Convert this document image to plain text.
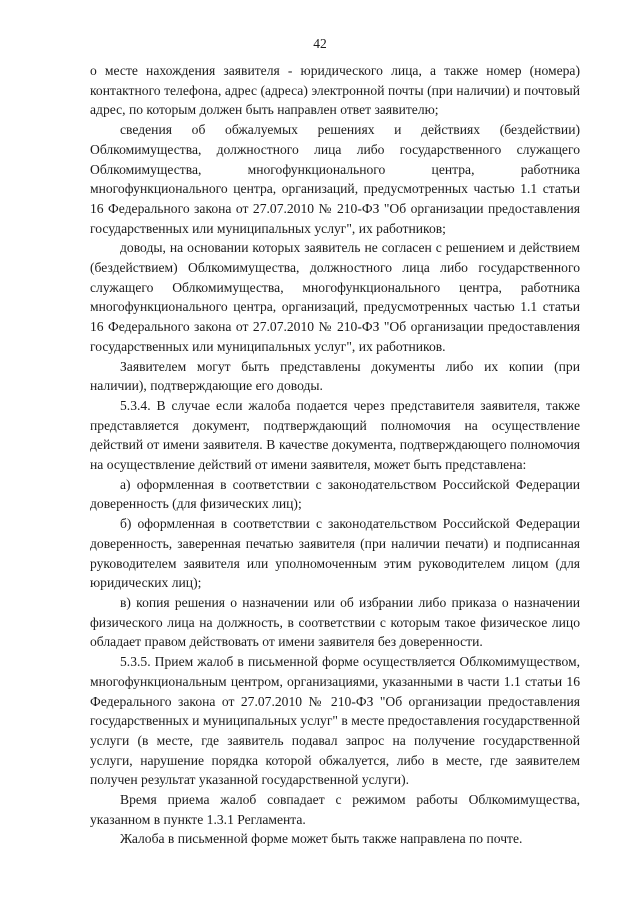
42

о месте нахождения заявителя - юридического лица, а также номер (номера) контактного телефона, адрес (адреса) электронной почты (при наличии) и почтовый адрес, по которым должен быть направлен ответ заявителю;

сведения об обжалуемых решениях и действиях (бездействии) Облкомимущества, должностного лица либо государственного служащего Облкомимущества, многофункционального центра, работника многофункционального центра, организаций, предусмотренных частью 1.1 статьи 16 Федерального закона от 27.07.2010 № 210-ФЗ "Об организации предоставления государственных или муниципальных услуг", их работников;

доводы, на основании которых заявитель не согласен с решением и действием (бездействием) Облкомимущества, должностного лица либо государственного служащего Облкомимущества, многофункционального центра, работника многофункционального центра, организаций, предусмотренных частью 1.1 статьи 16 Федерального закона от 27.07.2010 № 210-ФЗ "Об организации предоставления государственных или муниципальных услуг", их работников.

Заявителем могут быть представлены документы либо их копии (при наличии), подтверждающие его доводы.

5.3.4. В случае если жалоба подается через представителя заявителя, также представляется документ, подтверждающий полномочия на осуществление действий от имени заявителя. В качестве документа, подтверждающего полномочия на осуществление действий от имени заявителя, может быть представлена:

а) оформленная в соответствии с законодательством Российской Федерации доверенность (для физических лиц);

б) оформленная в соответствии с законодательством Российской Федерации доверенность, заверенная печатью заявителя (при наличии печати) и подписанная руководителем заявителя или уполномоченным этим руководителем лицом (для юридических лиц);

в) копия решения о назначении или об избрании либо приказа о назначении физического лица на должность, в соответствии с которым такое физическое лицо обладает правом действовать от имени заявителя без доверенности.

5.3.5. Прием жалоб в письменной форме осуществляется Облкомимуществом, многофункциональным центром, организациями, указанными в части 1.1 статьи 16 Федерального закона от 27.07.2010 № 210-ФЗ "Об организации предоставления государственных и муниципальных услуг" в месте предоставления государственной услуги (в месте, где заявитель подавал запрос на получение государственной услуги, нарушение порядка которой обжалуется, либо в месте, где заявителем получен результат указанной государственной услуги).

Время приема жалоб совпадает с режимом работы Облкомимущества, указанном в пункте 1.3.1 Регламента.

Жалоба в письменной форме может быть также направлена по почте.
